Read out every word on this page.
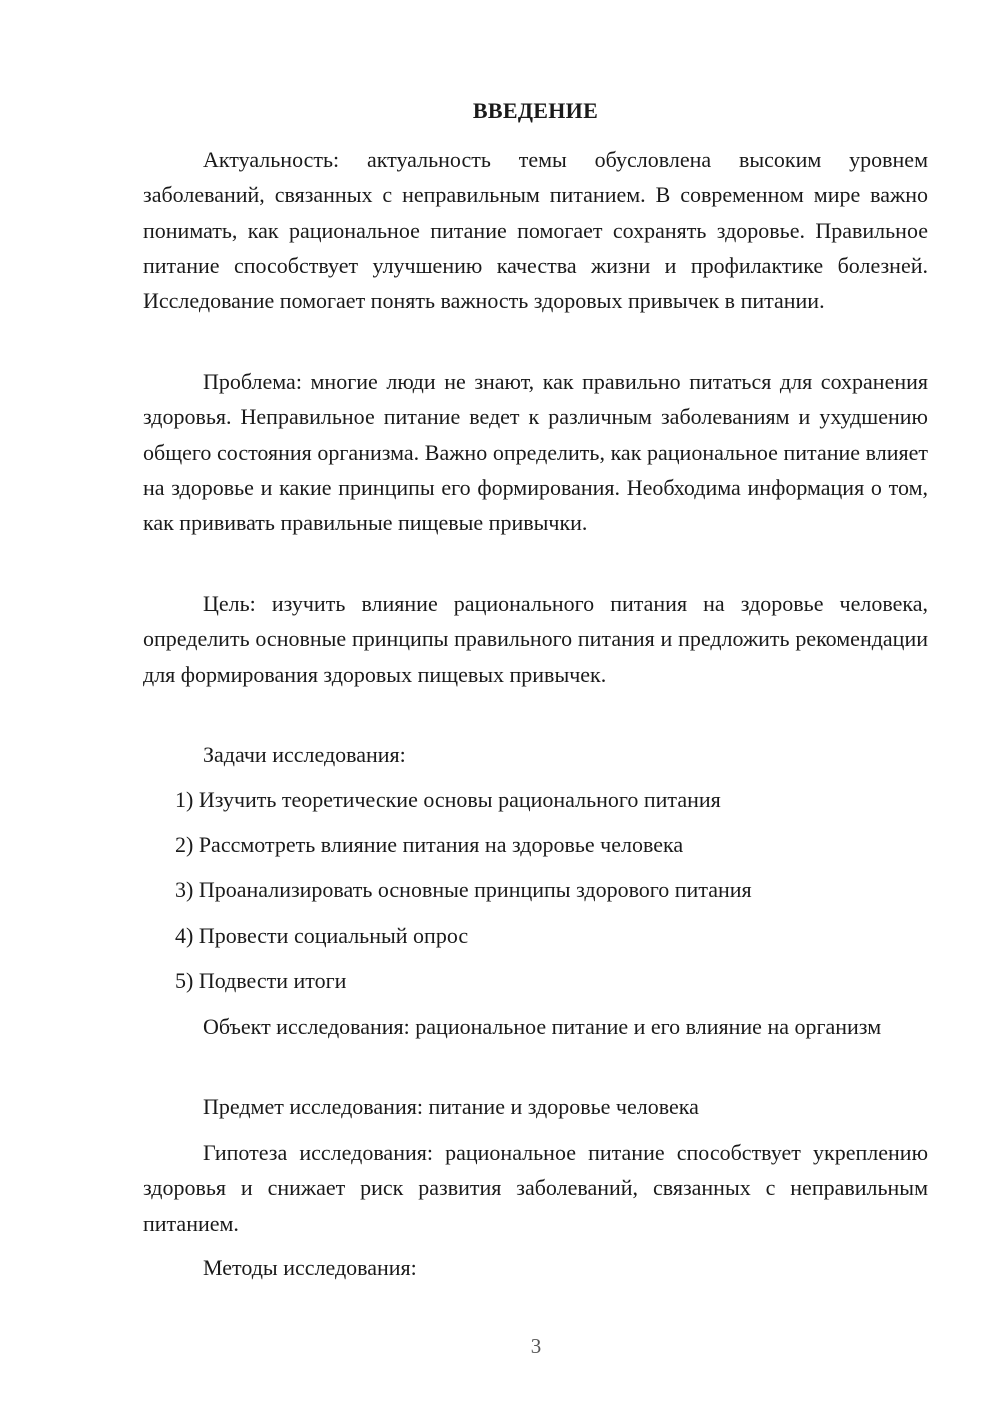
ВВЕДЕНИЕ

Актуальность: актуальность темы обусловлена высоким уровнем заболеваний, связанных с неправильным питанием. В современном мире важно понимать, как рациональное питание помогает сохранять здоровье. Правильное питание способствует улучшению качества жизни и профилактике болезней. Исследование помогает понять важность здоровых привычек в питании.

Проблема: многие люди не знают, как правильно питаться для сохранения здоровья. Неправильное питание ведет к различным заболеваниям и ухудшению общего состояния организма. Важно определить, как рациональное питание влияет на здоровье и какие принципы его формирования. Необходима информация о том, как прививать правильные пищевые привычки.

Цель: изучить влияние рационального питания на здоровье человека, определить основные принципы правильного питания и предложить рекомендации для формирования здоровых пищевых привычек.

Задачи исследования:

1) Изучить теоретические основы рационального питания

2) Рассмотреть влияние питания на здоровье человека

3) Проанализировать основные принципы здорового питания

4) Провести социальный опрос

5) Подвести итоги

Объект исследования: рациональное питание и его влияние на организм

Предмет исследования: питание и здоровье человека

Гипотеза исследования: рациональное питание способствует укреплению здоровья и снижает риск развития заболеваний, связанных с неправильным питанием.

Методы исследования:

3
